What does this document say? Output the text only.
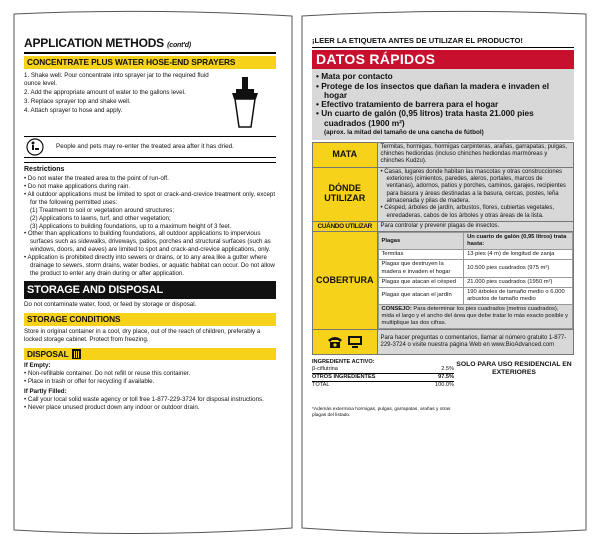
APPLICATION METHODS (cont'd)
CONCENTRATE PLUS WATER HOSE-END SPRAYERS
1. Shake well. Pour concentrate into sprayer jar to the required fluid ounce level.
2. Add the appropriate amount of water to the gallons level.
3. Replace sprayer top and shake well.
4. Attach sprayer to hose and apply.
People and pets may re-enter the treated area after it has dried.
Restrictions
• Do not water the treated area to the point of run-off.
• Do not make applications during rain.
• All outdoor applications must be limited to spot or crack-and-crevice treatment only, except for the following permitted uses:
(1) Treatment to soil or vegetation around structures;
(2) Applications to lawns, turf, and other vegetation;
(3) Applications to building foundations, up to a maximum height of 3 feet.
• Other than applications to building foundations, all outdoor applications to impervious surfaces such as sidewalks, driveways, patios, porches and structural surfaces (such as windows, doors, and eaves) are limited to spot and crack-and-crevice applications, only.
• Application is prohibited directly into sewers or drains, or to any area like a gutter where drainage to sewers, storm drains, water bodies, or aquatic habitat can occur. Do not allow the product to enter any drain during or after application.
STORAGE AND DISPOSAL
Do not contaminate water, food, or feed by storage or disposal.
STORAGE CONDITIONS
Store in original container in a cool, dry place, out of the reach of children, preferably a locked storage cabinet. Protect from freezing.
DISPOSAL
If Empty:
• Non-refillable container. Do not refill or reuse this container.
• Place in trash or offer for recycling if available.
If Partly Filled:
• Call your local solid waste agency or toll free 1-877-229-3724 for disposal instructions.
• Never place unused product down any indoor or outdoor drain.
¡LEER LA ETIQUETA ANTES DE UTILIZAR EL PRODUCTO!
DATOS RÁPIDOS
• Mata por contacto
• Protege de los insectos que dañan la madera e invaden el hogar
• Efectivo tratamiento de barrera para el hogar
• Un cuarto de galón (0,95 litros) trata hasta 21.000 pies cuadrados (1900 m²)
(aprox. la mitad del tamaño de una cancha de fútbol)
MATA	Termitas, hormigas, hormigas carpinteras, arañas, garrapatas, pulgas, chinches hediondas (incluso chinches hediondas marmóreas y chinches Kudzu).
DÓNDE UTILIZAR	
• Casas, lugares donde habitan las mascotas y otras construcciones exteriores (cimientos, paredes, aleros, portales, marcos de ventanas), adornos, patios y porches, caminos, garajes, recipientes para basura y áreas destinadas a la basura, cercas, postes, leña almacenada y pilas de madera.
• Césped, árboles de jardín, arbustos, flores, cubiertas vegetales, enredaderas, cabos de los árboles y otras áreas de la lista.

CUÁNDO UTILIZAR	Para controlar y prevenir plagas de insectos.
COBERTURA	
Plagas	Un cuarto de galón (0,95 litros) trata hasta:
Termitas	13 pies (4 m) de longitud de zanja
Plagas que destruyen la madera e invaden el hogar	10.500 pies cuadrados (975 m²)
Plagas que atacan el césped	21.000 pies cuadrados (1950 m²)
Plagas que atacan el jardín	190 árboles de tamaño medio o 6.000 arbustos de tamaño medio
CONSEJO: Para determinar los pies cuadrados (metros cuadrados), mida el largo y el ancho del área que debe tratar lo más exacto posible y multiplique las dos cifras.

	Para hacer preguntas o comentarios, llamar al número gratuito 1-877-229-3724 o visite nuestra página Web en www.BioAdvanced.com
INGREDIENTE ACTIVO:
β-ciflutrina	2.5%
OTROS INGREDIENTES	97.5%
TOTAL	100.0%
SOLO PARA USO RESIDENCIAL EN EXTERIORES
*Además extermina hormigas, pulgas, garrapatas, arañas y otras plagas del listado.
